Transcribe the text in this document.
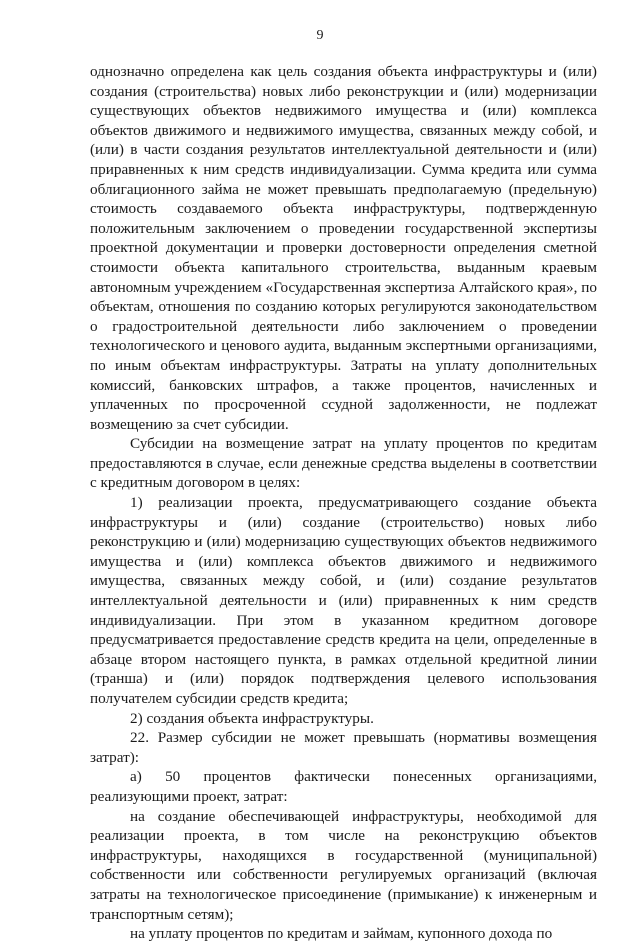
9

однозначно определена как цель создания объекта инфраструктуры и (или) создания (строительства) новых либо реконструкции и (или) модернизации существующих объектов недвижимого имущества и (или) комплекса объектов движимого и недвижимого имущества, связанных между собой, и (или) в части создания результатов интеллектуальной деятельности и (или) приравненных к ним средств индивидуализации. Сумма кредита или сумма облигационного займа не может превышать предполагаемую (предельную) стоимость создаваемого объекта инфраструктуры, подтвержденную положительным заключением о проведении государственной экспертизы проектной документации и проверки достоверности определения сметной стоимости объекта капитального строительства, выданным краевым автономным учреждением «Государственная экспертиза Алтайского края», по объектам, отношения по созданию которых регулируются законодательством о градостроительной деятельности либо заключением о проведении технологического и ценового аудита, выданным экспертными организациями, по иным объектам инфраструктуры. Затраты на уплату дополнительных комиссий, банковских штрафов, а также процентов, начисленных и уплаченных по просроченной ссудной задолженности, не подлежат возмещению за счет субсидии.

Субсидии на возмещение затрат на уплату процентов по кредитам предоставляются в случае, если денежные средства выделены в соответствии с кредитным договором в целях:

1) реализации проекта, предусматривающего создание объекта инфраструктуры и (или) создание (строительство) новых либо реконструкцию и (или) модернизацию существующих объектов недвижимого имущества и (или) комплекса объектов движимого и недвижимого имущества, связанных между собой, и (или) создание результатов интеллектуальной деятельности и (или) приравненных к ним средств индивидуализации. При этом в указанном кредитном договоре предусматривается предоставление средств кредита на цели, определенные в абзаце втором настоящего пункта, в рамках отдельной кредитной линии (транша) и (или) порядок подтверждения целевого использования получателем субсидии средств кредита;

2) создания объекта инфраструктуры.

22. Размер субсидии не может превышать (нормативы возмещения затрат):

а) 50 процентов фактически понесенных организациями, реализующими проект, затрат:

на создание обеспечивающей инфраструктуры, необходимой для реализации проекта, в том числе на реконструкцию объектов инфраструктуры, находящихся в государственной (муниципальной) собственности или собственности регулируемых организаций (включая затраты на технологическое присоединение (примыкание) к инженерным и транспортным сетям);

на уплату процентов по кредитам и займам, купонного дохода по
